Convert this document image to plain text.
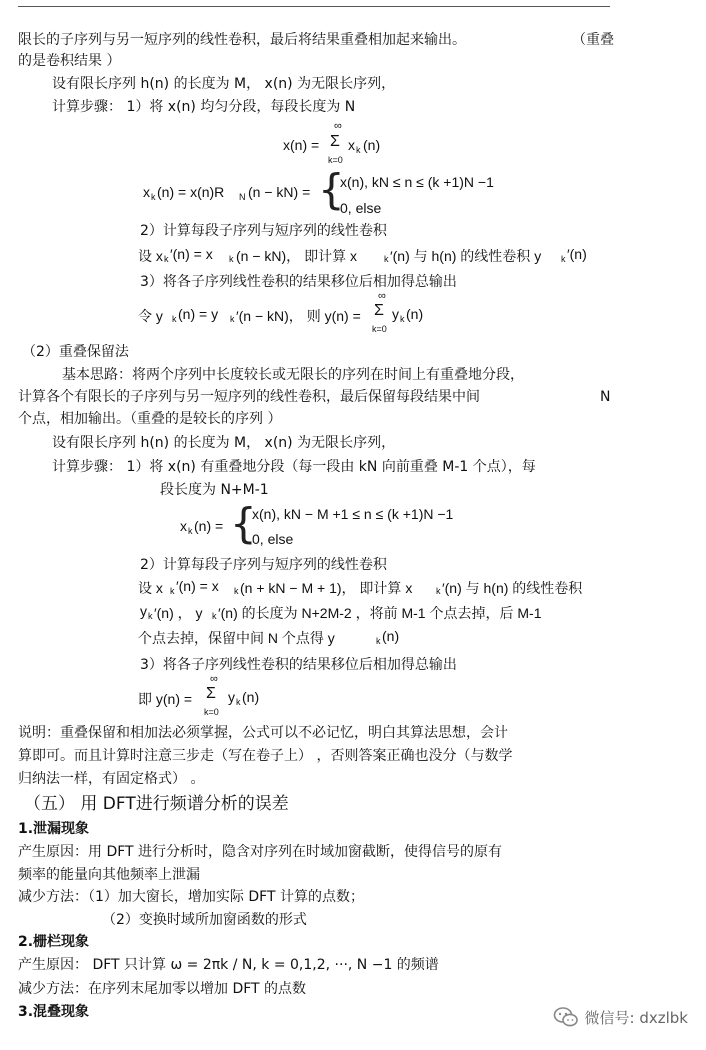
限长的子序列与另一短序列的线性卷积，最后将结果重叠相加起来输出。	（重叠
的是卷积结果 ）
设有限长序列 h(n) 的长度为 M， x(n) 为无限长序列，
计算步骤： 1）将 x(n) 均匀分段，每段长度为 N
x(n) =
∞
Σ
k=0
x k (n)
x k (n) = x(n)R N (n − kN) = {
x(n), kN ≤ n ≤ (k +1)N −1
0, else
2）计算每段子序列与短序列的线性卷积
设 x k ′(n) = x k (n − kN)， 即计算 x	k ′(n) 与 h(n) 的线性卷积 y k ′(n)
3）将各子序列线性卷积的结果移位后相加得总输出
令 y k (n) = y k ′(n − kN)， 则 y(n) =
∞
Σ
k=0
y k (n)
（2）重叠保留法
基本思路：将两个序列中长度较长或无限长的序列在时间上有重叠地分段，
计算各个有限长的子序列与另一短序列的线性卷积，最后保留每段结果中间	N
个点，相加输出。（重叠的是较长的序列 ）
设有限长序列 h(n) 的长度为 M， x(n) 为无限长序列，
计算步骤： 1）将 x(n) 有重叠地分段（每一段由 kN 向前重叠 M-1 个点），每
段长度为 N+M-1
x k (n) = {
x(n), kN − M +1 ≤ n ≤ (k +1)N −1
0, else
2）计算每段子序列与短序列的线性卷积
设 x k ′(n) = x k (n + kN − M + 1)， 即计算 x	k ′(n) 与 h(n) 的线性卷积
y k ′(n) ， y k ′(n) 的长度为 N+2M-2 ，将前 M-1 个点去掉，后 M-1
个点去掉，保留中间 N 个点得 y	k (n)
3）将各子序列线性卷积的结果移位后相加得总输出
即 y(n) =
∞
Σ
k=0
y k (n)
说明：重叠保留和相加法必须掌握，公式可以不必记忆，明白其算法思想，会计
算即可。而且计算时注意三步走（写在卷子上） ，否则答案正确也没分（与数学
归纳法一样，有固定格式） 。
（五） 用 DFT进行频谱分析的误差
1.泄漏现象
产生原因：用 DFT 进行分析时，隐含对序列在时域加窗截断，使得信号的原有
频率的能量向其他频率上泄漏
减少方法：（1）加大窗长，增加实际 DFT 计算的点数；
（2）变换时域所加窗函数的形式
2.栅栏现象
产生原因： DFT 只计算 ω = 2πk / N, k = 0,1,2, ···, N −1 的频谱
减少方法：在序列末尾加零以增加 DFT 的点数
3.混叠现象	微信号: dxzlbk
